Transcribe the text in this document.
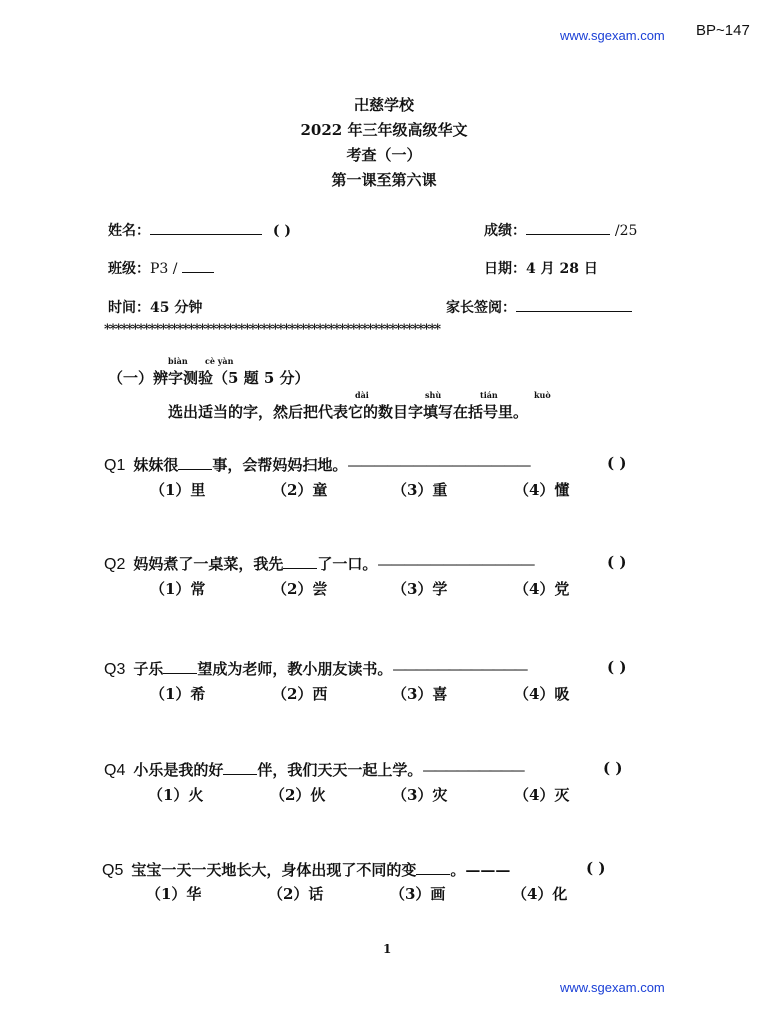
www.sgexam.com BP~147
卍慈学校
2022 年三年级高级华文
考查（一）
第一课至第六课
姓名：	( )	成绩：	/25
班级：P3 /	日期：4 月 28 日
时间：45 分钟	家长签阅：
************************************************************
biàn cè yàn
（一）辨字测验（5 题 5 分）
dài	shù	tián	kuò
选出适当的字，然后把代表它的数目字填写在括号里。
Q1 妹妹很 事，会帮妈妈扫地。——————————————	( )
（1）里	（2）童	（3）重	（4）懂
Q2 妈妈煮了一桌菜，我先 了一口。————————————	( )
（1）常	（2）尝	（3）学	（4）党
Q3 子乐 望成为老师，教小朋友读书。————————————	( )
（1）希	（2）西	（3）喜	（4）吸
Q4 小乐是我的好 伴，我们天天一起上学。—————————	( )
（1）火	（2）伙	（3）灾	（4）灭
Q5 宝宝一天一天地长大，身体出现了不同的变 。———	( )
（1）华	（2）话	（3）画	（4）化
1
www.sgexam.com
